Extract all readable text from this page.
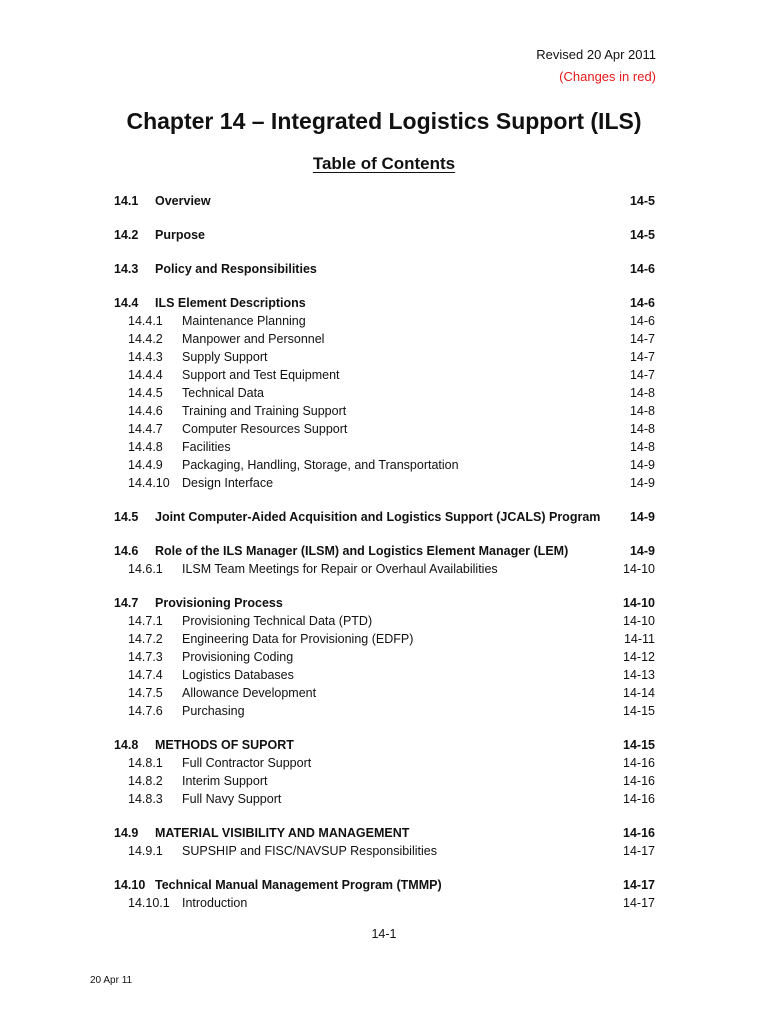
Revised 20 Apr 2011
(Changes in red)
Chapter 14 – Integrated Logistics Support (ILS)
Table of Contents
14.1	Overview	14-5
14.2	Purpose	14-5
14.3	Policy and Responsibilities	14-6
14.4	ILS Element Descriptions	14-6
14.4.1	Maintenance Planning	14-6
14.4.2	Manpower and Personnel	14-7
14.4.3	Supply Support	14-7
14.4.4	Support and Test Equipment	14-7
14.4.5	Technical Data	14-8
14.4.6	Training and Training Support	14-8
14.4.7	Computer Resources Support	14-8
14.4.8	Facilities	14-8
14.4.9	Packaging, Handling, Storage, and Transportation	14-9
14.4.10 Design Interface	14-9
14.5	Joint Computer-Aided Acquisition and Logistics Support (JCALS) Program	14-9
14.6	Role of the ILS Manager (ILSM) and Logistics Element Manager (LEM)	14-9
14.6.1	ILSM Team Meetings for Repair or Overhaul Availabilities	14-10
14.7	Provisioning Process	14-10
14.7.1	Provisioning Technical Data (PTD)	14-10
14.7.2	Engineering Data for Provisioning (EDFP)	14-11
14.7.3	Provisioning Coding	14-12
14.7.4	Logistics Databases	14-13
14.7.5	Allowance Development	14-14
14.7.6	Purchasing	14-15
14.8	METHODS OF SUPORT	14-15
14.8.1	Full Contractor Support	14-16
14.8.2	Interim Support	14-16
14.8.3	Full Navy Support	14-16
14.9	MATERIAL VISIBILITY AND MANAGEMENT	14-16
14.9.1	SUPSHIP and FISC/NAVSUP Responsibilities	14-17
14.10 Technical Manual Management Program (TMMP)	14-17
14.10.1 Introduction	14-17
14-1
20 Apr 11
